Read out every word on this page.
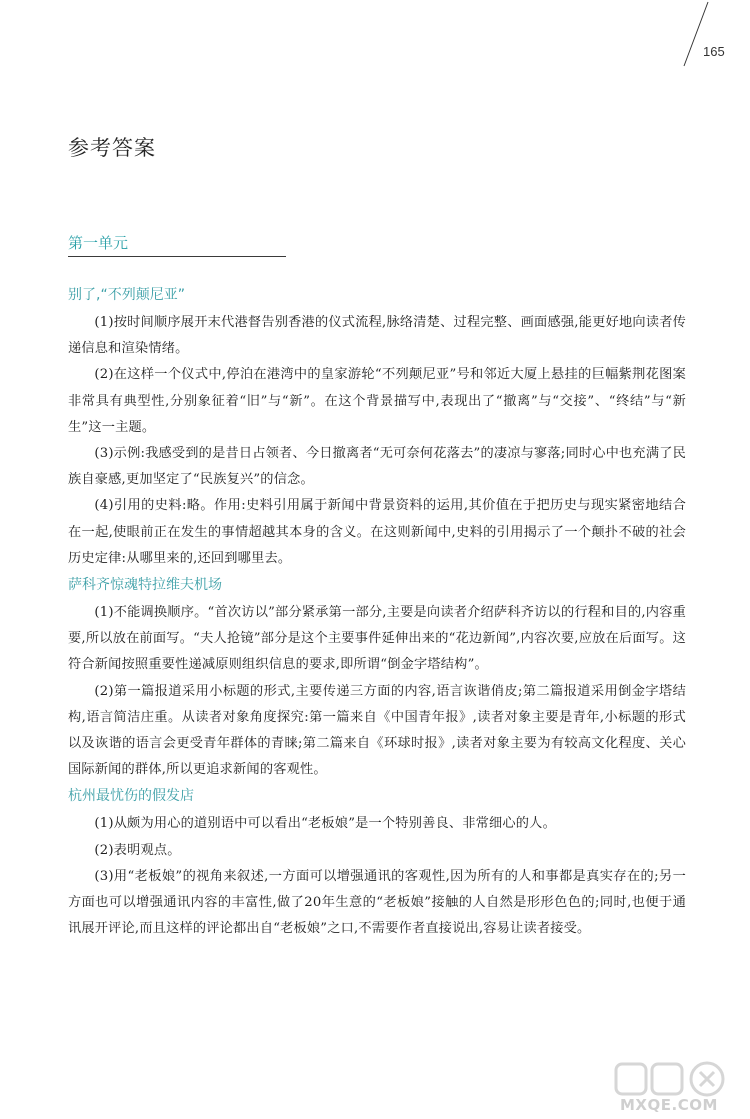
165
参考答案
第一单元
别了,“不列颠尼亚”

(1)按时间顺序展开末代港督告别香港的仪式流程,脉络清楚、过程完整、画面感强,能更好地向读者传递信息和渲染情绪。

(2)在这样一个仪式中,停泊在港湾中的皇家游轮“不列颠尼亚”号和邻近大厦上悬挂的巨幅紫荆花图案非常具有典型性,分别象征着“旧”与“新”。在这个背景描写中,表现出了“撤离”与“交接”、“终结”与“新生”这一主题。

(3)示例:我感受到的是昔日占领者、今日撤离者“无可奈何花落去”的凄凉与寥落;同时心中也充满了民族自豪感,更加坚定了“民族复兴”的信念。

(4)引用的史料:略。作用:史料引用属于新闻中背景资料的运用,其价值在于把历史与现实紧密地结合在一起,使眼前正在发生的事情超越其本身的含义。在这则新闻中,史料的引用揭示了一个颠扑不破的社会历史定律:从哪里来的,还回到哪里去。

萨科齐惊魂特拉维夫机场

(1)不能调换顺序。“首次访以”部分紧承第一部分,主要是向读者介绍萨科齐访以的行程和目的,内容重要,所以放在前面写。“夫人抢镜”部分是这个主要事件延伸出来的“花边新闻”,内容次要,应放在后面写。这符合新闻按照重要性递减原则组织信息的要求,即所谓“倒金字塔结构”。

(2)第一篇报道采用小标题的形式,主要传递三方面的内容,语言诙谐俏皮;第二篇报道采用倒金字塔结构,语言简洁庄重。从读者对象角度探究:第一篇来自《中国青年报》,读者对象主要是青年,小标题的形式以及诙谐的语言会更受青年群体的青睐;第二篇来自《环球时报》,读者对象主要为有较高文化程度、关心国际新闻的群体,所以更追求新闻的客观性。

杭州最忧伤的假发店

(1)从颇为用心的道别语中可以看出“老板娘”是一个特别善良、非常细心的人。

(2)表明观点。

(3)用“老板娘”的视角来叙述,一方面可以增强通讯的客观性,因为所有的人和事都是真实存在的;另一方面也可以增强通讯内容的丰富性,做了20年生意的“老板娘”接触的人自然是形形色色的;同时,也便于通讯展开评论,而且这样的评论都出自“老板娘”之口,不需要作者直接说出,容易让读者接受。

MXQE.COM
